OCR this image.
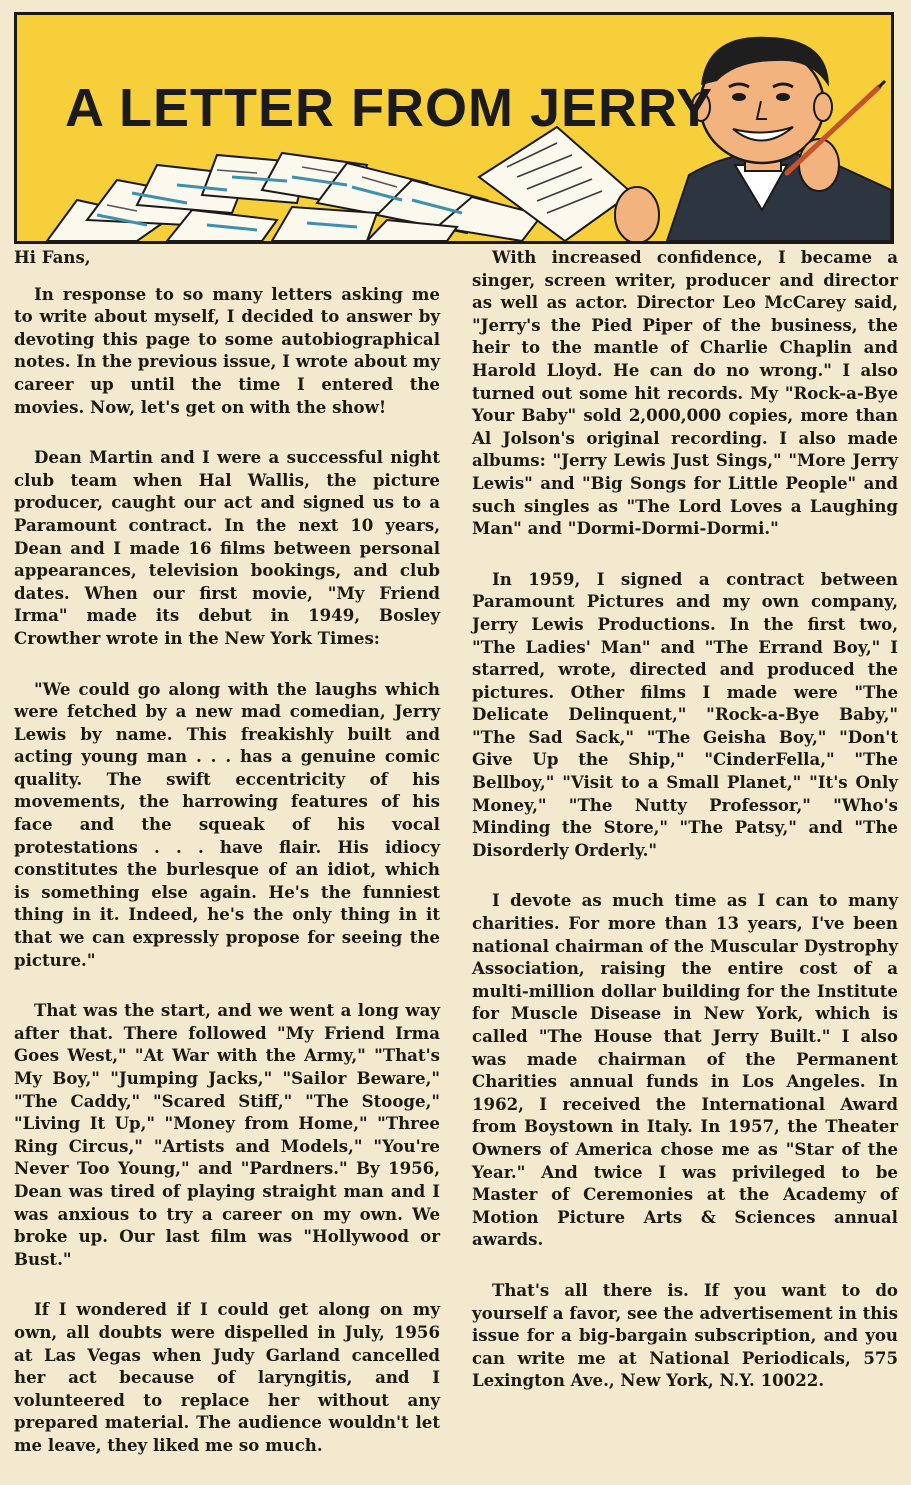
A LETTER FROM JERRY

Hi Fans,

In response to so many letters asking me to write about myself, I decided to answer by devoting this page to some autobiographical notes. In the previous issue, I wrote about my career up until the time I entered the movies. Now, let's get on with the show!

Dean Martin and I were a successful night club team when Hal Wallis, the picture producer, caught our act and signed us to a Paramount contract. In the next 10 years, Dean and I made 16 films between personal appearances, television bookings, and club dates. When our first movie, "My Friend Irma" made its debut in 1949, Bosley Crowther wrote in the New York Times:

"We could go along with the laughs which were fetched by a new mad comedian, Jerry Lewis by name. This freakishly built and acting young man . . . has a genuine comic quality. The swift eccentricity of his movements, the harrowing features of his face and the squeak of his vocal protestations . . . have flair. His idiocy constitutes the burlesque of an idiot, which is something else again. He's the funniest thing in it. Indeed, he's the only thing in it that we can expressly propose for seeing the picture."

That was the start, and we went a long way after that. There followed "My Friend Irma Goes West," "At War with the Army," "That's My Boy," "Jumping Jacks," "Sailor Beware," "The Caddy," "Scared Stiff," "The Stooge," "Living It Up," "Money from Home," "Three Ring Circus," "Artists and Models," "You're Never Too Young," and "Pardners." By 1956, Dean was tired of playing straight man and I was anxious to try a career on my own. We broke up. Our last film was "Hollywood or Bust."

If I wondered if I could get along on my own, all doubts were dispelled in July, 1956 at Las Vegas when Judy Garland cancelled her act because of laryngitis, and I volunteered to replace her without any prepared material. The audience wouldn't let me leave, they liked me so much.

With increased confidence, I became a singer, screen writer, producer and director as well as actor. Director Leo McCarey said, "Jerry's the Pied Piper of the business, the heir to the mantle of Charlie Chaplin and Harold Lloyd. He can do no wrong." I also turned out some hit records. My "Rock-a-Bye Your Baby" sold 2,000,000 copies, more than Al Jolson's original recording. I also made albums: "Jerry Lewis Just Sings," "More Jerry Lewis" and "Big Songs for Little People" and such singles as "The Lord Loves a Laughing Man" and "Dormi-Dormi-Dormi."

In 1959, I signed a contract between Paramount Pictures and my own company, Jerry Lewis Productions. In the first two, "The Ladies' Man" and "The Errand Boy," I starred, wrote, directed and produced the pictures. Other films I made were "The Delicate Delinquent," "Rock-a-Bye Baby," "The Sad Sack," "The Geisha Boy," "Don't Give Up the Ship," "CinderFella," "The Bellboy," "Visit to a Small Planet," "It's Only Money," "The Nutty Professor," "Who's Minding the Store," "The Patsy," and "The Disorderly Orderly."

I devote as much time as I can to many charities. For more than 13 years, I've been national chairman of the Muscular Dystrophy Association, raising the entire cost of a multi-million dollar building for the Institute for Muscle Disease in New York, which is called "The House that Jerry Built." I also was made chairman of the Permanent Charities annual funds in Los Angeles. In 1962, I received the International Award from Boystown in Italy. In 1957, the Theater Owners of America chose me as "Star of the Year." And twice I was privileged to be Master of Ceremonies at the Academy of Motion Picture Arts & Sciences annual awards.

That's all there is. If you want to do yourself a favor, see the advertisement in this issue for a big-bargain subscription, and you can write me at National Periodicals, 575 Lexington Ave., New York, N.Y. 10022.
